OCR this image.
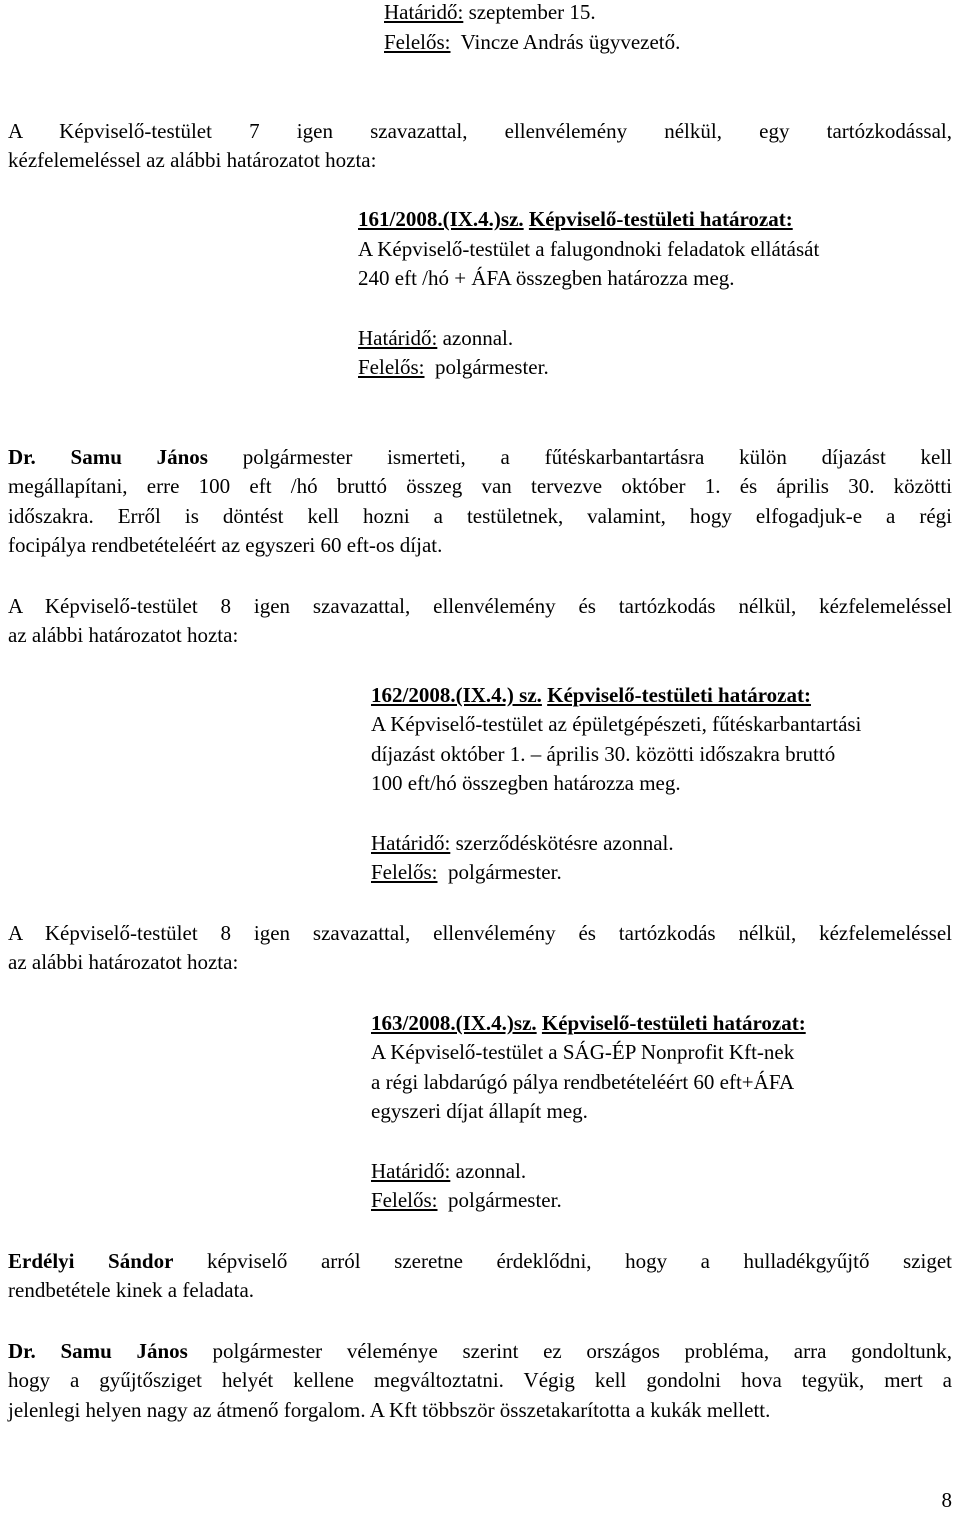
Határidő: szeptember 15.
Felelős: Vincze András ügyvezető.
A Képviselő-testület 7 igen szavazattal, ellenvélemény nélkül, egy tartózkodással,
kézfelemeléssel az alábbi határozatot hozta:
161/2008.(IX.4.)sz. Képviselő-testületi határozat:
A Képviselő-testület a falugondnoki feladatok ellátását
240 eft /hó + ÁFA összegben határozza meg.
Határidő: azonnal.
Felelős: polgármester.
Dr. Samu János polgármester ismerteti, a fűtéskarbantartásra külön díjazást kell
megállapítani, erre 100 eft /hó bruttó összeg van tervezve október 1. és április 30. közötti
időszakra. Erről is döntést kell hozni a testületnek, valamint, hogy elfogadjuk-e a régi
focipálya rendbetételéért az egyszeri 60 eft-os díjat.
A Képviselő-testület 8 igen szavazattal, ellenvélemény és tartózkodás nélkül, kézfelemeléssel
az alábbi határozatot hozta:
162/2008.(IX.4.) sz. Képviselő-testületi határozat:
A Képviselő-testület az épületgépészeti, fűtéskarbantartási
díjazást október 1. – április 30. közötti időszakra bruttó
100 eft/hó összegben határozza meg.
Határidő: szerződéskötésre azonnal.
Felelős: polgármester.
A Képviselő-testület 8 igen szavazattal, ellenvélemény és tartózkodás nélkül, kézfelemeléssel
az alábbi határozatot hozta:
163/2008.(IX.4.)sz. Képviselő-testületi határozat:
A Képviselő-testület a SÁG-ÉP Nonprofit Kft-nek
a régi labdarúgó pálya rendbetételéért 60 eft+ÁFA
egyszeri díjat állapít meg.
Határidő: azonnal.
Felelős: polgármester.
Erdélyi Sándor képviselő arról szeretne érdeklődni, hogy a hulladékgyűjtő sziget
rendbetétele kinek a feladata.
Dr. Samu János polgármester véleménye szerint ez országos probléma, arra gondoltunk,
hogy a gyűjtősziget helyét kellene megváltoztatni. Végig kell gondolni hova tegyük, mert a
jelenlegi helyen nagy az átmenő forgalom. A Kft többször összetakarította a kukák mellett.
8
